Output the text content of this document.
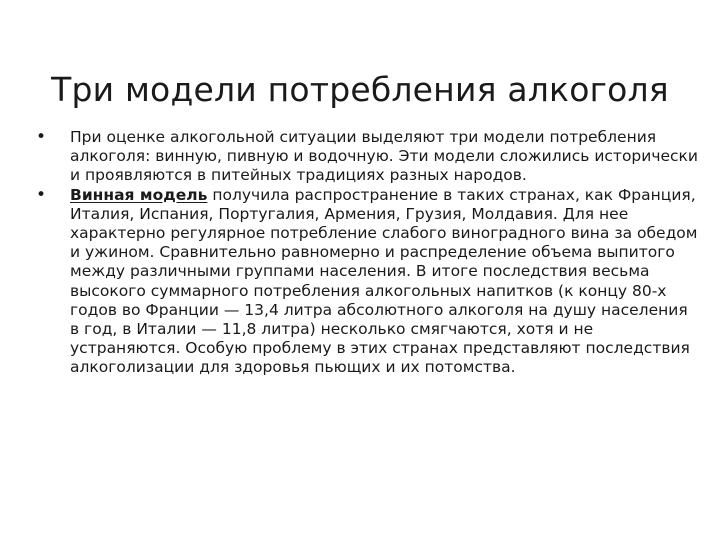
Три модели потребления алкоголя
•	При оценке алкогольной ситуации выделяют три модели потребления алкоголя: винную, пивную и водочную. Эти модели сложились исторически и проявляются в питейных традициях разных народов.
•	Винная модель получила распространение в таких странах, как Франция, Италия, Испания, Португалия, Армения, Грузия, Молдавия. Для нее характерно регулярное потребление слабого виноградного вина за обедом и ужином. Сравнительно равномерно и распределение объема выпитого между различными группами населения. В итоге последствия весьма высокого суммарного потребления алкогольных напитков (к концу 80-х годов во Франции — 13,4 литра абсолютного алкоголя на душу населения в год, в Италии — 11,8 литра) несколько смягчаются, хотя и не устраняются. Особую проблему в этих странах представляют последствия алкоголизации для здоровья пьющих и их потомства.
